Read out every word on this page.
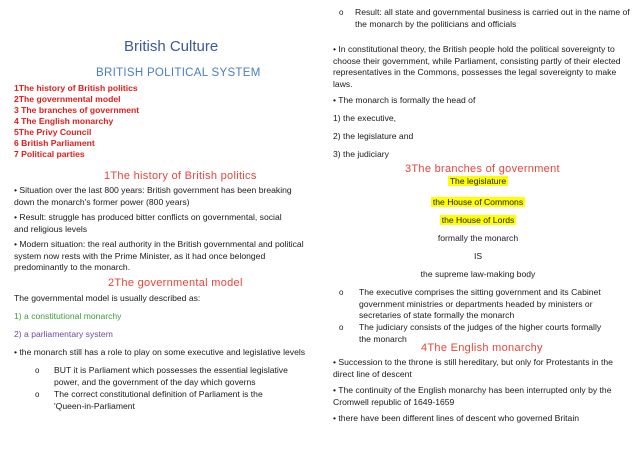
British Culture
BRITISH POLITICAL SYSTEM
1The history of British politics
2The governmental model
3 The branches of government
4 The English monarchy
5The Privy Council
6 British Parliament
7 Political parties
1The history of British politics
• Situation over the last 800 years: British government has been breaking down the monarch's former power (800 years)
• Result: struggle has produced bitter conflicts on governmental, social and religious levels
• Modern situation: the real authority in the British governmental and political system now rests with the Prime Minister, as it had once belonged predominantly to the monarch.
2The governmental model
The governmental model is usually described as:
1) a constitutional monarchy
2) a parliamentary system
• the monarch still has a role to play on some executive and legislative levels
o BUT it is Parliament which possesses the essential legislative power, and the government of the day which governs
o The correct constitutional definition of Parliament is the 'Queen-in-Parliament
o Result: all state and governmental business is carried out in the name of the monarch by the politicians and officials
• In constitutional theory, the British people hold the political sovereignty to choose their government, while Parliament, consisting partly of their elected representatives in the Commons, possesses the legal sovereignty to make laws.
• The monarch is formally the head of
1) the executive,
2) the legislature and
3) the judiciary
3The branches of government
The legislature
the House of Commons
the House of Lords
formally the monarch
IS
the supreme law-making body
o The executive comprises the sitting government and its Cabinet government ministries or departments headed by ministers or secretaries of state formally the monarch
o The judiciary consists of the judges of the higher courts formally the monarch
4The English monarchy
• Succession to the throne is still hereditary, but only for Protestants in the direct line of descent
• The continuity of the English monarchy has been interrupted only by the Cromwell republic of 1649-1659
• there have been different lines of descent who governed Britain
